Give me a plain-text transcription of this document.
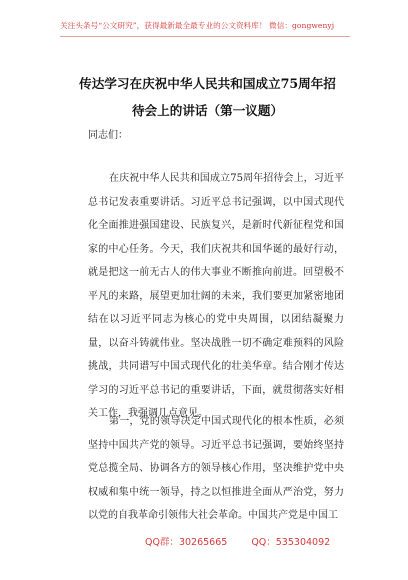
关注头条号“公文研究”，获得最新最全最专业的公文资料库！ 微信：gongwenyj
传达学习在庆祝中华人民共和国成立75周年招待会上的讲话（第一议题）
同志们：

在庆祝中华人民共和国成立75周年招待会上，习近平总书记发表重要讲话。习近平总书记强调，以中国式现代化全面推进强国建设、民族复兴，是新时代新征程党和国家的中心任务。今天，我们庆祝共和国华诞的最好行动，就是把这一前无古人的伟大事业不断推向前进。回望极不平凡的来路，展望更加壮阔的未来，我们要更加紧密地团结在以习近平同志为核心的党中央周围，以团结凝聚力量，以奋斗铸就伟业。坚决战胜一切不确定难预料的风险挑战，共同谱写中国式现代化的壮美华章。结合刚才传达学习的习近平总书记的重要讲话，下面，就贯彻落实好相关工作，我强调几点意见。

第一，党的领导决定中国式现代化的根本性质，必须坚持中国共产党的领导。习近平总书记强调，要始终坚持党总揽全局、协调各方的领导核心作用，坚决维护党中央权威和集中统一领导，持之以恒推进全面从严治党，努力以党的自我革命引领伟大社会革命。中国共产党是中国工

QQ群：30265665	QQ：535304092
